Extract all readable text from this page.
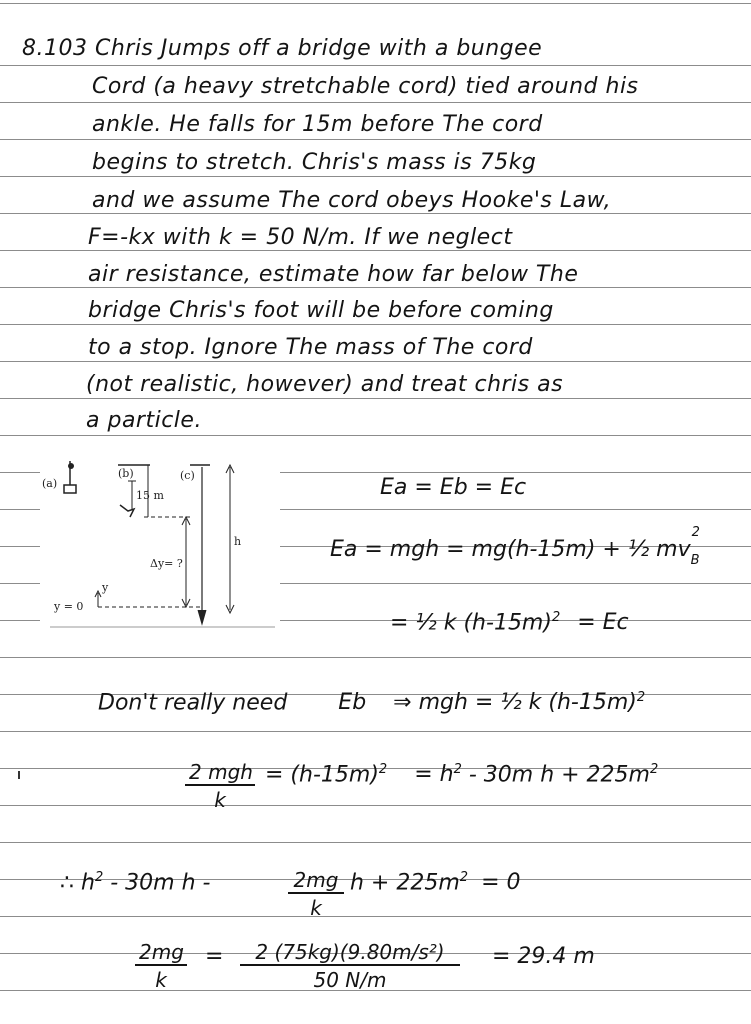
8.103 Chris Jumps off a bridge with a bungee
Cord (a heavy stretchable cord) tied around his
ankle. He falls for 15m before The cord
begins to stretch. Chris's mass is 75kg
and we assume The cord obeys Hooke's Law,
F=-kx with k = 50 N/m. If we neglect
air resistance, estimate how far below The
bridge Chris's foot will be before coming
to a stop. Ignore The mass of The cord
(not realistic, however) and treat chris as
a particle.
(a)
(b)	(c)
15 m
h
Δy= ?
y
y = 0
Ea = Eb = Ec
Ea = mgh = mg(h-15m) + ½ mv
2
$_B$
= ½ k $(h-15m)^2 = Ec$
Don't really need Eb ⇒ mgh = ½ k $(h-15m)^2$
2 mgh
k
= $(h-15m)^2 = h^2 - 30m$ $h + 225m^2$
∴ $h^2 - 30m$ h -	$\frac{2mg}{k}$ $h + 225m^2 = 0$
$\frac{2mg}{k} = \frac{\text{2 (75kg)(9.80m/s²)}}{50 N/m} = 29.4$ m
